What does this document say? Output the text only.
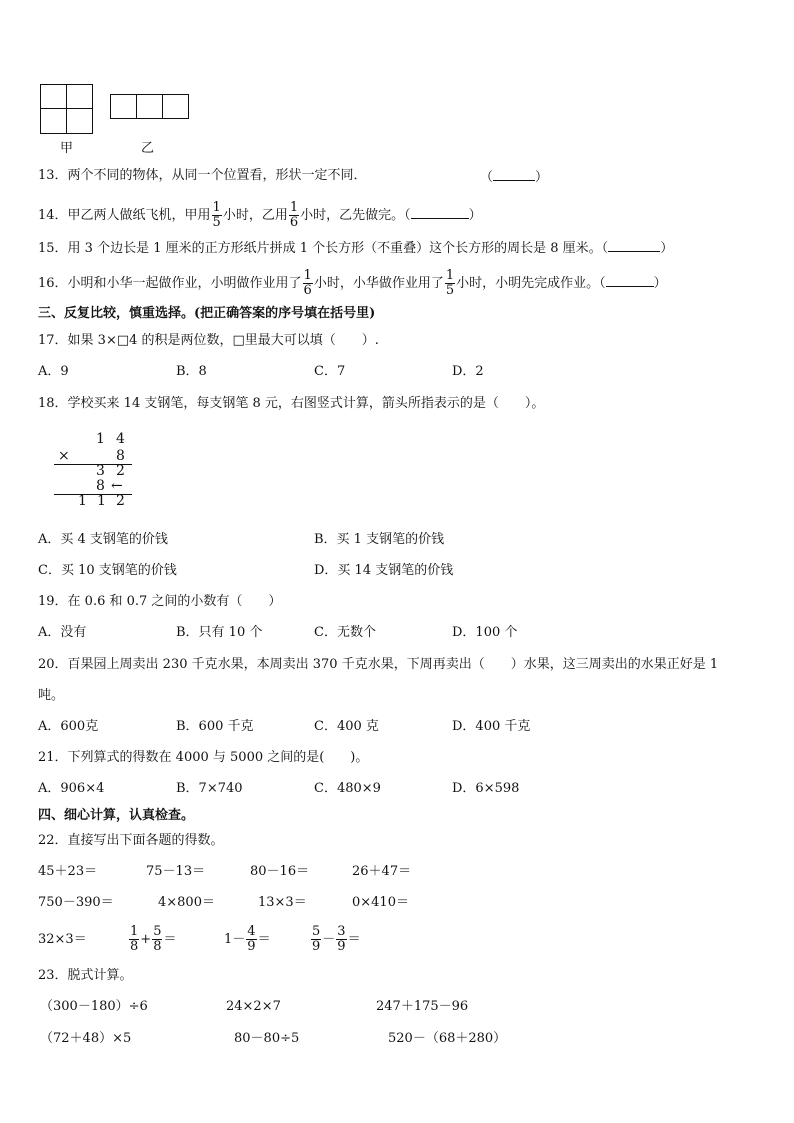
甲	乙
13．两个不同的物体，从同一个位置看，形状一定不同．	（	）
14．甲乙两人做纸飞机，甲用 $\frac{1}{5}$ 小时，乙用 $\frac{1}{6}$ 小时，乙先做完。（	）
15．用 3 个边长是 1 厘米的正方形纸片拼成 1 个长方形（不重叠）这个长方形的周长是 8 厘米。（	）
16．小明和小华一起做作业，小明做作业用了 $\frac{1}{6}$ 小时，小华做作业用了 $\frac{1}{5}$ 小时，小明先完成作业。（	）
三、反复比较，慎重选择。(把正确答案的序号填在括号里)
17．如果 3×□4 的积是两位数，□里最大可以填（　　）.
A．9	B．8	C．7	D．2
18．学校买来 14 支钢笔，每支钢笔 8 元，右图竖式计算，箭头所指表示的是（　　）。
1 4
×	8
3 2
8 ←
1 1 2
A．买 4 支钢笔的价钱	B．买 1 支钢笔的价钱
C．买 10 支钢笔的价钱	D．买 14 支钢笔的价钱
19．在 0.6 和 0.7 之间的小数有（　　）
A．没有	B．只有 10 个	C．无数个	D．100 个
20．百果园上周卖出 230 千克水果，本周卖出 370 千克水果，下周再卖出（　　）水果，这三周卖出的水果正好是 1
吨。
A．600克	B．600 千克	C．400 克	D．400 千克
21．下列算式的得数在 4000 与 5000 之间的是(　　)。
A．906×4	B．7×740	C．480×9	D．6×598
四、细心计算，认真检查。
22．直接写出下面各题的得数。
45＋23＝	75－13＝	80－16＝	26＋47＝
750－390＝	4×800＝	13×3＝	0×410＝
32×3＝	$\frac{1}{8} + \frac{5}{8}$ ＝	$1- \frac{4}{9}$ ＝	$\frac{5}{9} - \frac{3}{9}$ ＝
23．脱式计算。
（300－180）÷6	24×2×7	247＋175－96
（72＋48）×5	80－80÷5	520－（68＋280）
